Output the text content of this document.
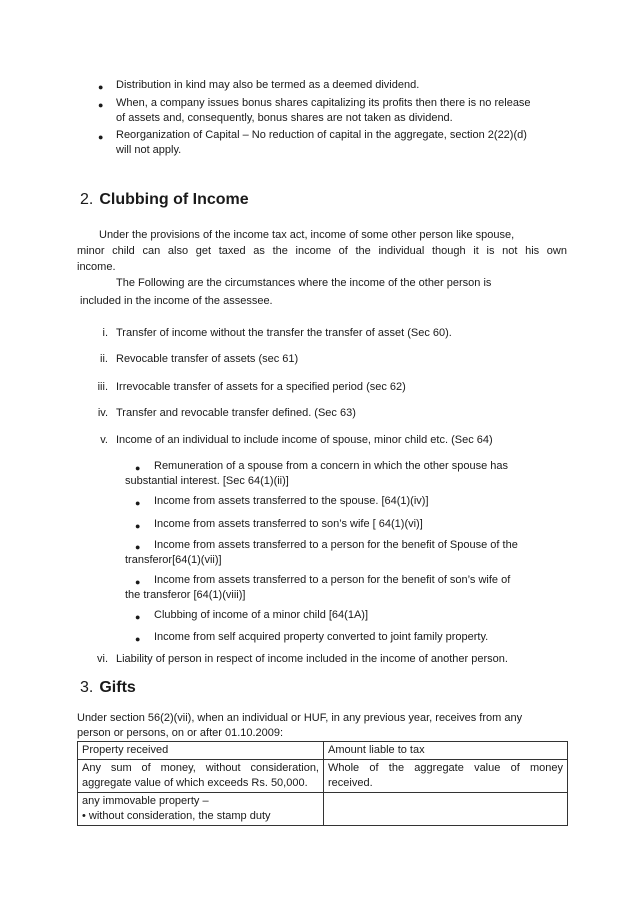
● Distribution in kind may also be termed as a deemed dividend.
● When, a company issues bonus shares capitalizing its profits then there is no release
of assets and, consequently, bonus shares are not taken as dividend.
● Reorganization of Capital – No reduction of capital in the aggregate, section 2(22)(d)
will not apply.
2. Clubbing of Income
Under the provisions of the income tax act, income of some other person like spouse,
minor child can also get taxed as the income of the individual though it is not his own
income.
The Following are the circumstances where the income of the other person is
included in the income of the assessee.
i. Transfer of income without the transfer the transfer of asset (Sec 60).
ii. Revocable transfer of assets (sec 61)
iii. Irrevocable transfer of assets for a specified period (sec 62)
iv. Transfer and revocable transfer defined. (Sec 63)
v. Income of an individual to include income of spouse, minor child etc. (Sec 64)
● Remuneration of a spouse from a concern in which the other spouse has
substantial interest. [Sec 64(1)(ii)]
● Income from assets transferred to the spouse. [64(1)(iv)]
● Income from assets transferred to son’s wife [ 64(1)(vi)]
● Income from assets transferred to a person for the benefit of Spouse of the
transferor[64(1)(vii)]
● Income from assets transferred to a person for the benefit of son’s wife of
the transferor [64(1)(viii)]
● Clubbing of income of a minor child [64(1A)]
● Income from self acquired property converted to joint family property.
vi. Liability of person in respect of income included in the income of another person.
3. Gifts
Under section 56(2)(vii), when an individual or HUF, in any previous year, receives from any
person or persons, on or after 01.10.2009:
Property received	Amount liable to tax
Any sum of money, without consideration, aggregate value of which exceeds Rs. 50,000.	Whole of the aggregate value of money received.
any immovable property –
• without consideration, the stamp duty	
